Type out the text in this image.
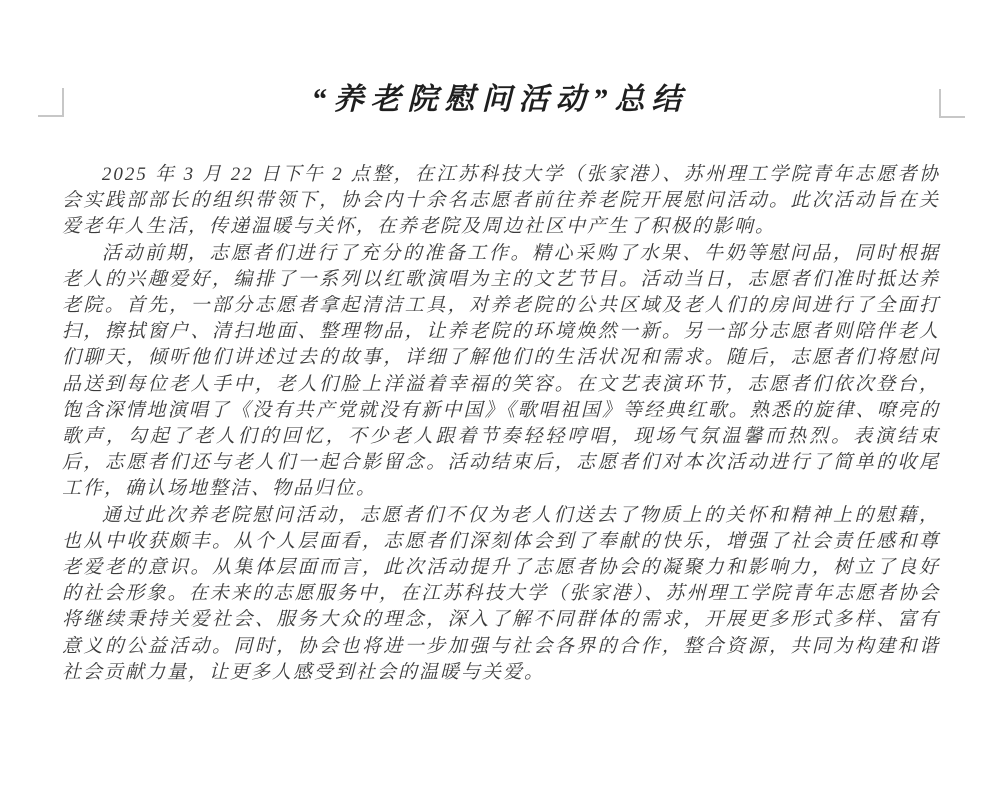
“养老院慰问活动”总结

2025 年 3 月 22 日下午 2 点整，在江苏科技大学（张家港）、苏州理工学院青年志愿者协会实践部部长的组织带领下，协会内十余名志愿者前往养老院开展慰问活动。此次活动旨在关爱老年人生活，传递温暖与关怀，在养老院及周边社区中产生了积极的影响。

活动前期，志愿者们进行了充分的准备工作。精心采购了水果、牛奶等慰问品，同时根据老人的兴趣爱好，编排了一系列以红歌演唱为主的文艺节目。活动当日，志愿者们准时抵达养老院。首先，一部分志愿者拿起清洁工具，对养老院的公共区域及老人们的房间进行了全面打扫，擦拭窗户、清扫地面、整理物品，让养老院的环境焕然一新。另一部分志愿者则陪伴老人们聊天，倾听他们讲述过去的故事，详细了解他们的生活状况和需求。随后，志愿者们将慰问品送到每位老人手中，老人们脸上洋溢着幸福的笑容。在文艺表演环节，志愿者们依次登台，饱含深情地演唱了《没有共产党就没有新中国》《歌唱祖国》等经典红歌。熟悉的旋律、嘹亮的歌声，勾起了老人们的回忆，不少老人跟着节奏轻轻哼唱，现场气氛温馨而热烈。表演结束后，志愿者们还与老人们一起合影留念。活动结束后，志愿者们对本次活动进行了简单的收尾工作，确认场地整洁、物品归位。

通过此次养老院慰问活动，志愿者们不仅为老人们送去了物质上的关怀和精神上的慰藉，也从中收获颇丰。从个人层面看，志愿者们深刻体会到了奉献的快乐，增强了社会责任感和尊老爱老的意识。从集体层面而言，此次活动提升了志愿者协会的凝聚力和影响力，树立了良好的社会形象。在未来的志愿服务中，在江苏科技大学（张家港）、苏州理工学院青年志愿者协会将继续秉持关爱社会、服务大众的理念，深入了解不同群体的需求，开展更多形式多样、富有意义的公益活动。同时，协会也将进一步加强与社会各界的合作，整合资源，共同为构建和谐社会贡献力量，让更多人感受到社会的温暖与关爱。
